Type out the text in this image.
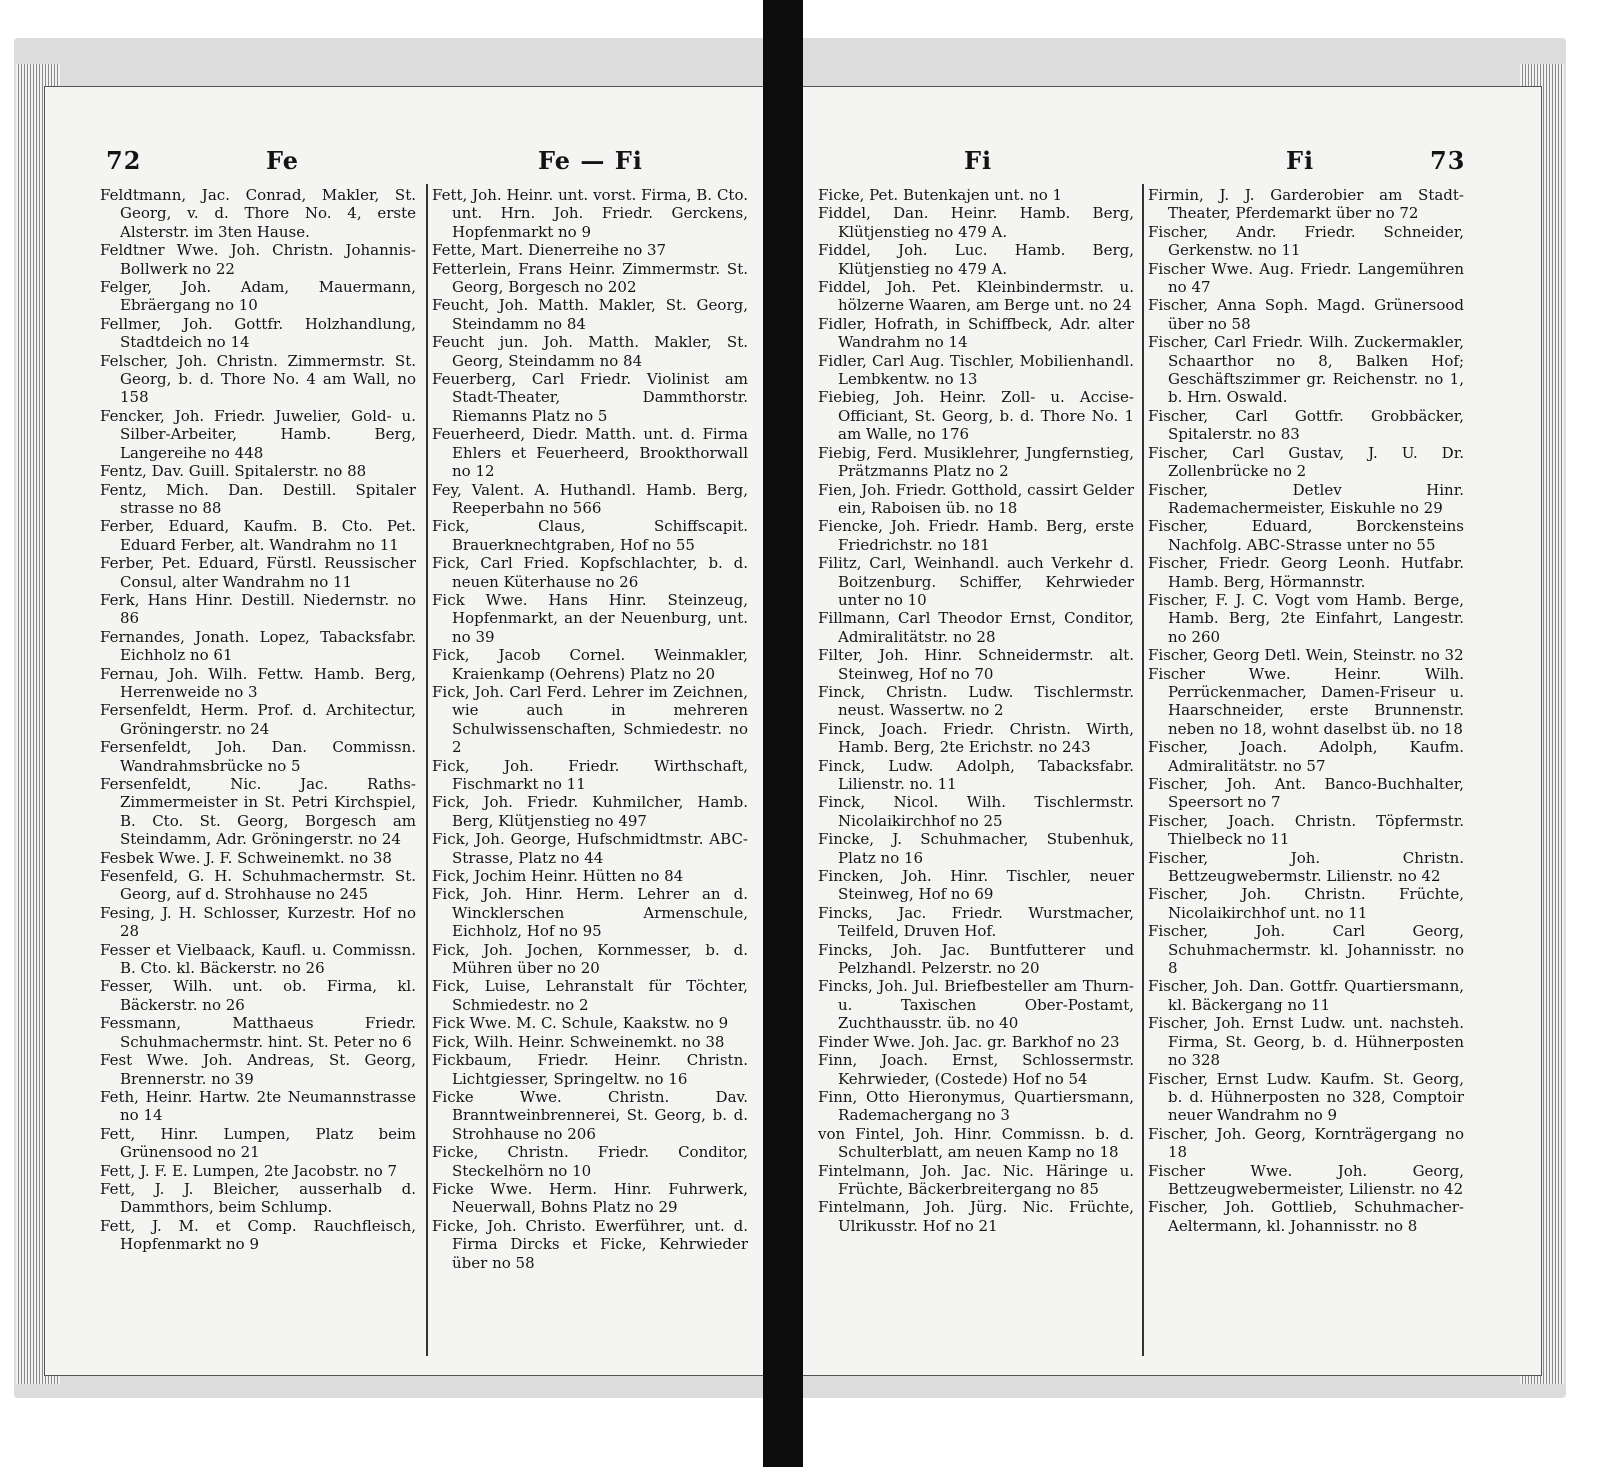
72	Fe	Fe — Fi

Feldtmann, Jac. Conrad, Makler, St. Georg, v. d. Thore No. 4, erste Alsterstr. im 3ten Hause.

Feldtner Wwe. Joh. Christn. Johannis-Bollwerk no 22

Felger, Joh. Adam, Mauermann, Ebräergang no 10

Fellmer, Joh. Gottfr. Holzhandlung, Stadtdeich no 14

Felscher, Joh. Christn. Zimmermstr. St. Georg, b. d. Thore No. 4 am Wall, no 158

Fencker, Joh. Friedr. Juwelier, Gold- u. Silber-Arbeiter, Hamb. Berg, Langereihe no 448

Fentz, Dav. Guill. Spitalerstr. no 88

Fentz, Mich. Dan. Destill. Spitaler strasse no 88

Ferber, Eduard, Kaufm. B. Cto. Pet. Eduard Ferber, alt. Wandrahm no 11

Ferber, Pet. Eduard, Fürstl. Reussischer Consul, alter Wandrahm no 11

Ferk, Hans Hinr. Destill. Niedernstr. no 86

Fernandes, Jonath. Lopez, Tabacksfabr. Eichholz no 61

Fernau, Joh. Wilh. Fettw. Hamb. Berg, Herrenweide no 3

Fersenfeldt, Herm. Prof. d. Architectur, Gröningerstr. no 24

Fersenfeldt, Joh. Dan. Commissn. Wandrahmsbrücke no 5

Fersenfeldt, Nic. Jac. Raths-Zimmermeister in St. Petri Kirchspiel, B. Cto. St. Georg, Borgesch am Steindamm, Adr. Gröningerstr. no 24

Fesbek Wwe. J. F. Schweinemkt. no 38

Fesenfeld, G. H. Schuhmachermstr. St. Georg, auf d. Strohhause no 245

Fesing, J. H. Schlosser, Kurzestr. Hof no 28

Fesser et Vielbaack, Kaufl. u. Commissn. B. Cto. kl. Bäckerstr. no 26

Fesser, Wilh. unt. ob. Firma, kl. Bäckerstr. no 26

Fessmann, Matthaeus Friedr. Schuhmachermstr. hint. St. Peter no 6

Fest Wwe. Joh. Andreas, St. Georg, Brennerstr. no 39

Feth, Heinr. Hartw. 2te Neumannstrasse no 14

Fett, Hinr. Lumpen, Platz beim Grünensood no 21

Fett, J. F. E. Lumpen, 2te Jacobstr. no 7

Fett, J. J. Bleicher, ausserhalb d. Dammthors, beim Schlump.

Fett, J. M. et Comp. Rauchfleisch, Hopfenmarkt no 9

Fett, Joh. Heinr. unt. vorst. Firma, B. Cto. unt. Hrn. Joh. Friedr. Gerckens, Hopfenmarkt no 9

Fette, Mart. Dienerreihe no 37

Fetterlein, Frans Heinr. Zimmermstr. St. Georg, Borgesch no 202

Feucht, Joh. Matth. Makler, St. Georg, Steindamm no 84

Feucht jun. Joh. Matth. Makler, St. Georg, Steindamm no 84

Feuerberg, Carl Friedr. Violinist am Stadt-Theater, Dammthorstr. Riemanns Platz no 5

Feuerheerd, Diedr. Matth. unt. d. Firma Ehlers et Feuerheerd, Brookthorwall no 12

Fey, Valent. A. Huthandl. Hamb. Berg, Reeperbahn no 566

Fick, Claus, Schiffscapit. Brauerknechtgraben, Hof no 55

Fick, Carl Fried. Kopfschlachter, b. d. neuen Küterhause no 26

Fick Wwe. Hans Hinr. Steinzeug, Hopfenmarkt, an der Neuenburg, unt. no 39

Fick, Jacob Cornel. Weinmakler, Kraienkamp (Oehrens) Platz no 20

Fick, Joh. Carl Ferd. Lehrer im Zeichnen, wie auch in mehreren Schulwissenschaften, Schmiedestr. no 2

Fick, Joh. Friedr. Wirthschaft, Fischmarkt no 11

Fick, Joh. Friedr. Kuhmilcher, Hamb. Berg, Klütjenstieg no 497

Fick, Joh. George, Hufschmidtmstr. ABC-Strasse, Platz no 44

Fick, Jochim Heinr. Hütten no 84

Fick, Joh. Hinr. Herm. Lehrer an d. Wincklerschen Armenschule, Eichholz, Hof no 95

Fick, Joh. Jochen, Kornmesser, b. d. Mühren über no 20

Fick, Luise, Lehranstalt für Töchter, Schmiedestr. no 2

Fick Wwe. M. C. Schule, Kaakstw. no 9

Fick, Wilh. Heinr. Schweinemkt. no 38

Fickbaum, Friedr. Heinr. Christn. Lichtgiesser, Springeltw. no 16

Ficke Wwe. Christn. Dav. Branntweinbrennerei, St. Georg, b. d. Strohhause no 206

Ficke, Christn. Friedr. Conditor, Steckelhörn no 10

Ficke Wwe. Herm. Hinr. Fuhrwerk, Neuerwall, Bohns Platz no 29

Ficke, Joh. Christo. Ewerführer, unt. d. Firma Dircks et Ficke, Kehrwieder über no 58

Fi	Fi	73

Ficke, Pet. Butenkajen unt. no 1

Fiddel, Dan. Heinr. Hamb. Berg, Klütjenstieg no 479 A.

Fiddel, Joh. Luc. Hamb. Berg, Klütjenstieg no 479 A.

Fiddel, Joh. Pet. Kleinbindermstr. u. hölzerne Waaren, am Berge unt. no 24

Fidler, Hofrath, in Schiffbeck, Adr. alter Wandrahm no 14

Fidler, Carl Aug. Tischler, Mobilienhandl. Lembkentw. no 13

Fiebieg, Joh. Heinr. Zoll- u. Accise-Officiant, St. Georg, b. d. Thore No. 1 am Walle, no 176

Fiebig, Ferd. Musiklehrer, Jungfernstieg, Prätzmanns Platz no 2

Fien, Joh. Friedr. Gotthold, cassirt Gelder ein, Raboisen üb. no 18

Fiencke, Joh. Friedr. Hamb. Berg, erste Friedrichstr. no 181

Filitz, Carl, Weinhandl. auch Verkehr d. Boitzenburg. Schiffer, Kehrwieder unter no 10

Fillmann, Carl Theodor Ernst, Conditor, Admiralitätstr. no 28

Filter, Joh. Hinr. Schneidermstr. alt. Steinweg, Hof no 70

Finck, Christn. Ludw. Tischlermstr. neust. Wassertw. no 2

Finck, Joach. Friedr. Christn. Wirth, Hamb. Berg, 2te Erichstr. no 243

Finck, Ludw. Adolph, Tabacksfabr. Lilienstr. no. 11

Finck, Nicol. Wilh. Tischlermstr. Nicolaikirchhof no 25

Fincke, J. Schuhmacher, Stubenhuk, Platz no 16

Fincken, Joh. Hinr. Tischler, neuer Steinweg, Hof no 69

Fincks, Jac. Friedr. Wurstmacher, Teilfeld, Druven Hof.

Fincks, Joh. Jac. Buntfutterer und Pelzhandl. Pelzerstr. no 20

Fincks, Joh. Jul. Briefbesteller am Thurn- u. Taxischen Ober-Postamt, Zuchthausstr. üb. no 40

Finder Wwe. Joh. Jac. gr. Barkhof no 23

Finn, Joach. Ernst, Schlossermstr. Kehrwieder, (Costede) Hof no 54

Finn, Otto Hieronymus, Quartiersmann, Rademachergang no 3

von Fintel, Joh. Hinr. Commissn. b. d. Schulterblatt, am neuen Kamp no 18

Fintelmann, Joh. Jac. Nic. Häringe u. Früchte, Bäckerbreitergang no 85

Fintelmann, Joh. Jürg. Nic. Früchte, Ulrikusstr. Hof no 21

Firmin, J. J. Garderobier am Stadt-Theater, Pferdemarkt über no 72

Fischer, Andr. Friedr. Schneider, Gerkenstw. no 11

Fischer Wwe. Aug. Friedr. Langemühren no 47

Fischer, Anna Soph. Magd. Grünersood über no 58

Fischer, Carl Friedr. Wilh. Zuckermakler, Schaarthor no 8, Balken Hof; Geschäftszimmer gr. Reichenstr. no 1, b. Hrn. Oswald.

Fischer, Carl Gottfr. Grobbäcker, Spitalerstr. no 83

Fischer, Carl Gustav, J. U. Dr. Zollenbrücke no 2

Fischer, Detlev Hinr. Rademachermeister, Eiskuhle no 29

Fischer, Eduard, Borckensteins Nachfolg. ABC-Strasse unter no 55

Fischer, Friedr. Georg Leonh. Hutfabr. Hamb. Berg, Hörmannstr.

Fischer, F. J. C. Vogt vom Hamb. Berge, Hamb. Berg, 2te Einfahrt, Langestr. no 260

Fischer, Georg Detl. Wein, Steinstr. no 32

Fischer Wwe. Heinr. Wilh. Perrückenmacher, Damen-Friseur u. Haarschneider, erste Brunnenstr. neben no 18, wohnt daselbst üb. no 18

Fischer, Joach. Adolph, Kaufm. Admiralitätstr. no 57

Fischer, Joh. Ant. Banco-Buchhalter, Speersort no 7

Fischer, Joach. Christn. Töpfermstr. Thielbeck no 11

Fischer, Joh. Christn. Bettzeugwebermstr. Lilienstr. no 42

Fischer, Joh. Christn. Früchte, Nicolaikirchhof unt. no 11

Fischer, Joh. Carl Georg, Schuhmachermstr. kl. Johannisstr. no 8

Fischer, Joh. Dan. Gottfr. Quartiersmann, kl. Bäckergang no 11

Fischer, Joh. Ernst Ludw. unt. nachsteh. Firma, St. Georg, b. d. Hühnerposten no 328

Fischer, Ernst Ludw. Kaufm. St. Georg, b. d. Hühnerposten no 328, Comptoir neuer Wandrahm no 9

Fischer, Joh. Georg, Kornträgergang no 18

Fischer Wwe. Joh. Georg, Bettzeugwebermeister, Lilienstr. no 42

Fischer, Joh. Gottlieb, Schuhmacher-Aeltermann, kl. Johannisstr. no 8
